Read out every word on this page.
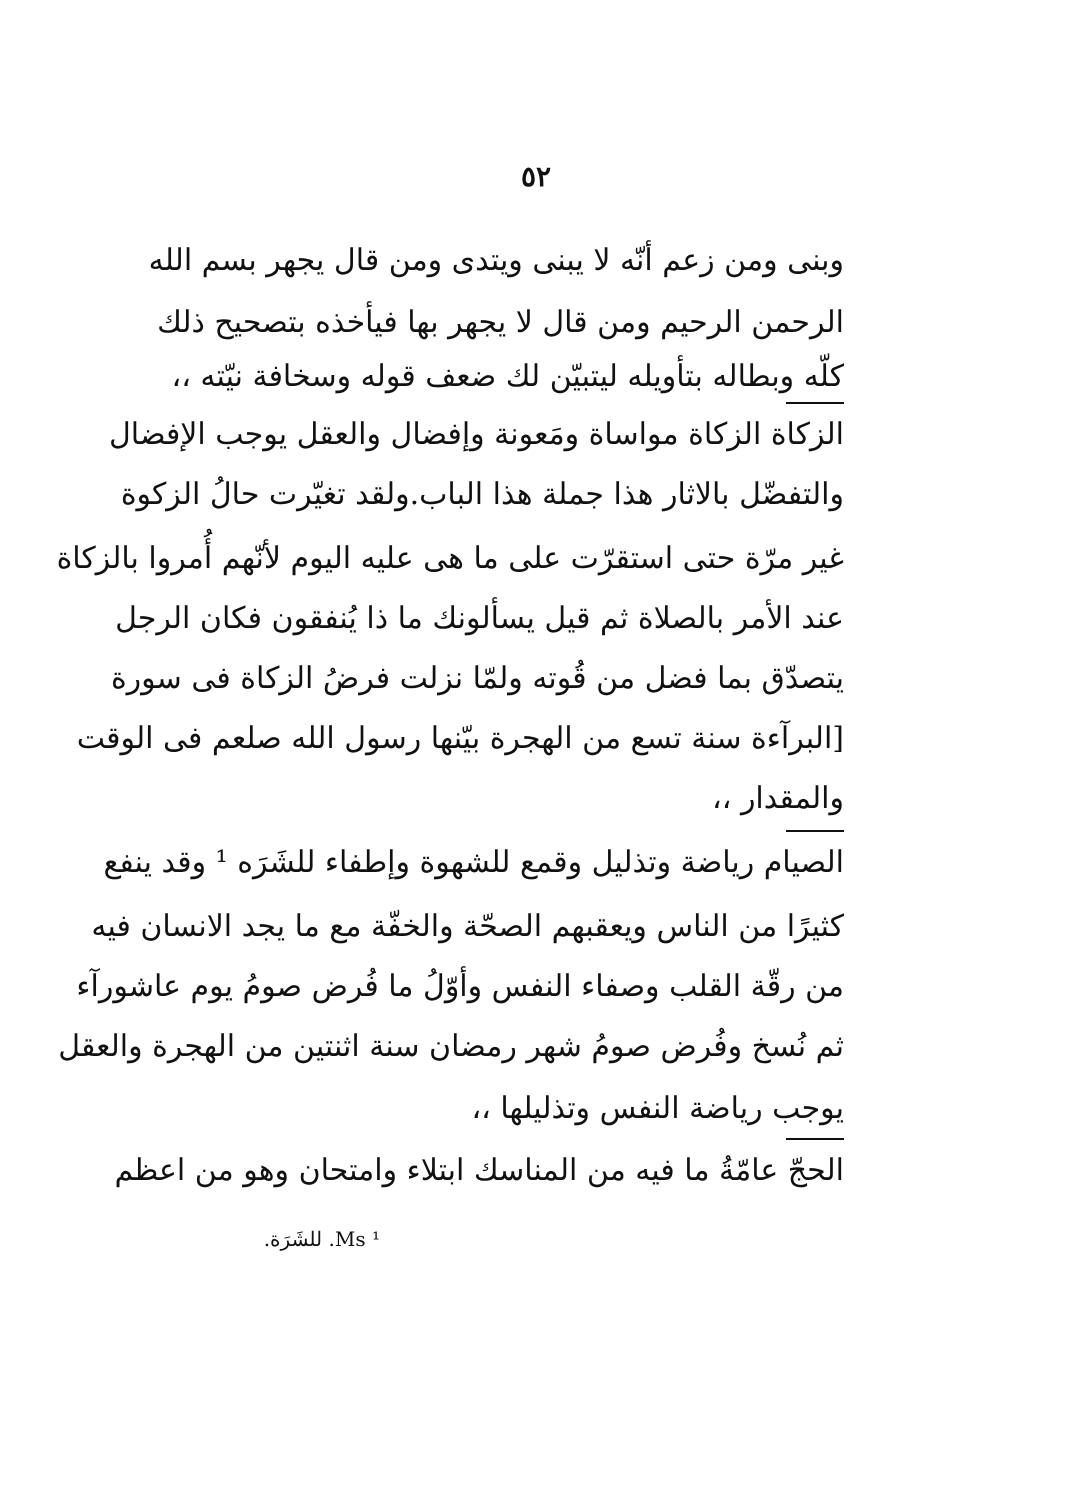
٥٢
وبنى ومن زعم أنّه لا يبنى ويتدى ومن قال يجهر بسم الله
الرحمن الرحيم ومن قال لا يجهر بها فيأخذه بتصحيح ذلك
كلّه وبطاله بتأويله ليتبيّن لك ضعف قوله وسخافة نيّته ،،
الزكاة الزكاة مواساة ومَعونة وإفضال والعقل يوجب الإفضال
والتفضّل بالاثار هذا جملة هذا الباب.ولقد تغيّرت حالُ الزكوة
غير مرّة حتى استقرّت على ما هى عليه اليوم لأنّهم أُمروا بالزكاة
عند الأمر بالصلاة ثم قيل يسألونك ما ذا يُنفقون فكان الرجل
يتصدّق بما فضل من قُوته ولمّا نزلت فرضُ الزكاة فى سورة
[البرآءة سنة تسع من الهجرة بيّنها رسول الله صلعم فى الوقت
والمقدار ،،
الصيام رياضة وتذليل وقمع للشهوة وإطفاء للشَرَه ¹ وقد ينفع
كثيرًا من الناس ويعقبهم الصحّة والخفّة مع ما يجد الانسان فيه
من رقّة القلب وصفاء النفس وأوّلُ ما فُرض صومُ يوم عاشورآء
ثم نُسخ وفُرض صومُ شهر رمضان سنة اثنتين من الهجرة والعقل
يوجب رياضة النفس وتذليلها ،،
الحجّ عامّةُ ما فيه من المناسك ابتلاء وامتحان وهو من اعظم
¹ Ms. للشَرَة.
